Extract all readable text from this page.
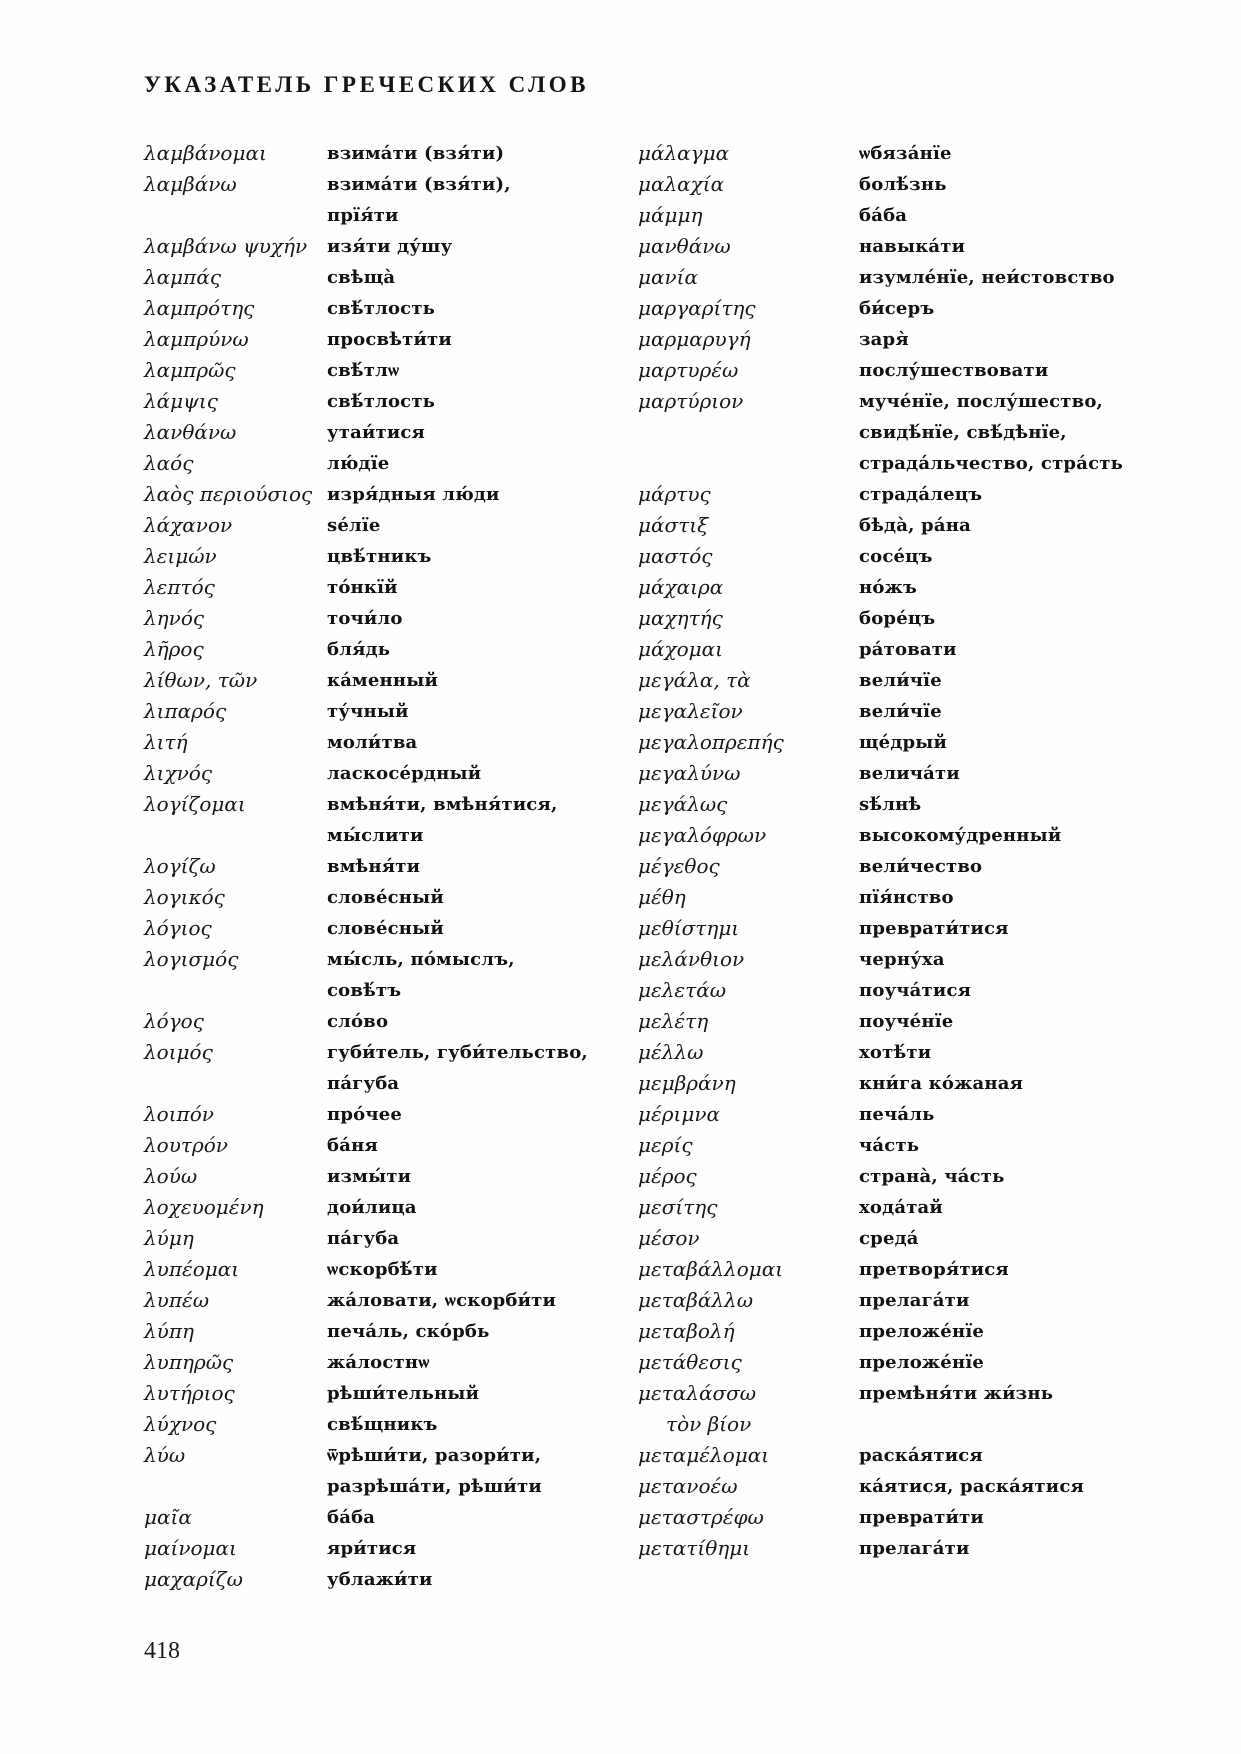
УКАЗАТЕЛЬ ГРЕЧЕСКИХ СЛОВ
λαμβάνομαι	взима́ти (взя́ти)
λαμβάνω	взима́ти (взя́ти),
прїя́ти
λαμβάνω ψυχήν	изя́ти ду́шу
λαμπάς	свѣща̀
λαμπρότης	свѣ́тлость
λαμπρύνω	просвѣти́ти
λαμπρῶς	свѣ́тлѡ
λάμψις	свѣ́тлость
λανθάνω	утаи́тися
λαός	лю́дїе
λαὸς περιούσιος изря́дныя лю́ди
λάχανον	ѕе́лїе
λειμών	цвѣ́тникъ
λεπτός	то́нкїй
ληνός	точи́ло
λῆρος	бля́дь
λίθων, τῶν	ка́менный
λιπαρός	ту́чный
λιτή	моли́тва
λιχνός	ласкосе́рдный
λογίζομαι	вмѣня́ти, вмѣня́тися,
мы́слити
λογίζω	вмѣня́ти
λογικός	слове́сный
λόγιος	слове́сный
λογισμός	мы́сль, по́мыслъ,
совѣ́тъ
λόγος	сло́во
λοιμός	губи́тель, губи́тельство,
па́губа
λοιπόν	про́чее
λουτρόν	ба́ня
λούω	измы́ти
λοχευομένη	дои́лица
λύμη	па́губа
λυπέομαι	ѡскорбѣ́ти
λυπέω	жа́ловати, ѡскорби́ти
λύπη	печа́ль, ско́рбь
λυπηρῶς	жа́лостнѡ
λυτήριος	рѣши́тельный
λύχνος	свѣ́щникъ
λύω	ѿрѣши́ти, разори́ти,
разрѣша́ти, рѣши́ти
μαῖα	ба́ба
μαίνομαι	яри́тися
μαχαρίζω	ублажи́ти
μάλαγμα	ѡбяза́нїе
μαλαχία	болѣ́знь
μάμμη	ба́ба
μανθάνω	навыка́ти
μανία	изумле́нїе, неи́стовство
μαργαρίτης	би́серъ
μαρμαρυγή	заря̀
μαρτυρέω	послу́шествовати
μαρτύριον	муче́нїе, послу́шество,
свидѣ́нїе, свѣ́дѣнїе,
страда́льчество, стра́сть
μάρτυς	страда́лецъ
μάστιξ	бѣда̀, ра́на
μαστός	сосе́цъ
μάχαιρα	но́жъ
μαχητής	боре́цъ
μάχομαι	ра́товати
μεγάλα, τὰ	вели́чїе
μεγαλεῖον	вели́чїе
μεγαλοπρεπής	ще́дрый
μεγαλύνω	велича́ти
μεγάλως	ѕѣ́лнѣ
μεγαλόφρων	высокому́дренный
μέγεθος	вели́чество
μέθη	пїя́нство
μεθίστημι	преврати́тися
μελάνθιον	черну́ха
μελετάω	поуча́тися
μελέτη	поуче́нїе
μέλλω	хотѣ́ти
μεμβράνη	кни́га ко́жаная
μέριμνα	печа́ль
μερίς	ча́сть
μέρος	страна̀, ча́сть
μεσίτης	хода́тай
μέσον	среда́
μεταβάλλομαι	претворя́тися
μεταβάλλω	прелага́ти
μεταβολή	преложе́нїе
μετάθεσις	преложе́нїе
μεταλάσσω
τὸν βίον
премѣня́ти жи́знь
μεταμέλομαι	раска́ятися
μετανοέω	ка́ятися, раска́ятися
μεταστρέφω	преврати́ти
μετατίθημι	прелага́ти
418
